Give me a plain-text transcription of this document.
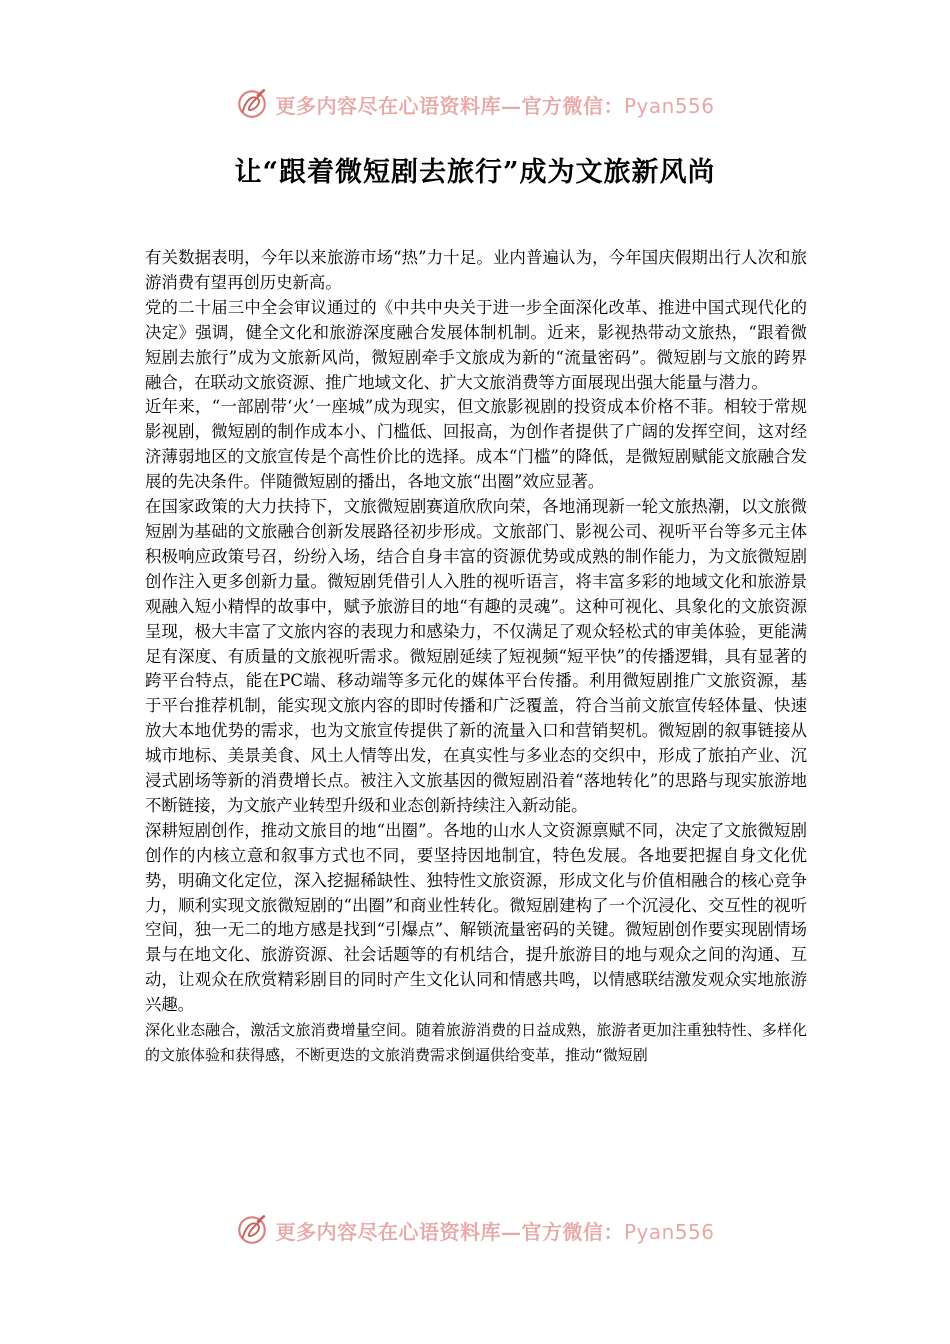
更多内容尽在心语资料库—官方微信：Pyan556
让“跟着微短剧去旅行”成为文旅新风尚

有关数据表明，今年以来旅游市场“热”力十足。业内普遍认为，今年国庆假期出行人次和旅游消费有望再创历史新高。

党的二十届三中全会审议通过的《中共中央关于进一步全面深化改革、推进中国式现代化的决定》强调，健全文化和旅游深度融合发展体制机制。近来，影视热带动文旅热，“跟着微短剧去旅行”成为文旅新风尚，微短剧牵手文旅成为新的“流量密码”。微短剧与文旅的跨界融合，在联动文旅资源、推广地域文化、扩大文旅消费等方面展现出强大能量与潜力。

近年来，“一部剧带‘火’一座城”成为现实，但文旅影视剧的投资成本价格不菲。相较于常规影视剧，微短剧的制作成本小、门槛低、回报高，为创作者提供了广阔的发挥空间，这对经济薄弱地区的文旅宣传是个高性价比的选择。成本“门槛”的降低，是微短剧赋能文旅融合发展的先决条件。伴随微短剧的播出，各地文旅“出圈”效应显著。

在国家政策的大力扶持下，文旅微短剧赛道欣欣向荣，各地涌现新一轮文旅热潮，以文旅微短剧为基础的文旅融合创新发展路径初步形成。文旅部门、影视公司、视听平台等多元主体积极响应政策号召，纷纷入场，结合自身丰富的资源优势或成熟的制作能力，为文旅微短剧创作注入更多创新力量。微短剧凭借引人入胜的视听语言，将丰富多彩的地域文化和旅游景观融入短小精悍的故事中，赋予旅游目的地“有趣的灵魂”。这种可视化、具象化的文旅资源呈现，极大丰富了文旅内容的表现力和感染力，不仅满足了观众轻松式的审美体验，更能满足有深度、有质量的文旅视听需求。微短剧延续了短视频“短平快”的传播逻辑，具有显著的跨平台特点，能在PC端、移动端等多元化的媒体平台传播。利用微短剧推广文旅资源，基于平台推荐机制，能实现文旅内容的即时传播和广泛覆盖，符合当前文旅宣传轻体量、快速放大本地优势的需求，也为文旅宣传提供了新的流量入口和营销契机。微短剧的叙事链接从城市地标、美景美食、风土人情等出发，在真实性与多业态的交织中，形成了旅拍产业、沉浸式剧场等新的消费增长点。被注入文旅基因的微短剧沿着“落地转化”的思路与现实旅游地不断链接，为文旅产业转型升级和业态创新持续注入新动能。

深耕短剧创作，推动文旅目的地“出圈”。各地的山水人文资源禀赋不同，决定了文旅微短剧创作的内核立意和叙事方式也不同，要坚持因地制宜，特色发展。各地要把握自身文化优势，明确文化定位，深入挖掘稀缺性、独特性文旅资源，形成文化与价值相融合的核心竞争力，顺利实现文旅微短剧的“出圈”和商业性转化。微短剧建构了一个沉浸化、交互性的视听空间，独一无二的地方感是找到“引爆点”、解锁流量密码的关键。微短剧创作要实现剧情场景与在地文化、旅游资源、社会话题等的有机结合，提升旅游目的地与观众之间的沟通、互动，让观众在欣赏精彩剧目的同时产生文化认同和情感共鸣，以情感联结激发观众实地旅游兴趣。

深化业态融合，激活文旅消费增量空间。随着旅游消费的日益成熟，旅游者更加注重独特性、多样化的文旅体验和获得感，不断更迭的文旅消费需求倒逼供给变革，推动“微短剧

更多内容尽在心语资料库—官方微信：Pyan556
